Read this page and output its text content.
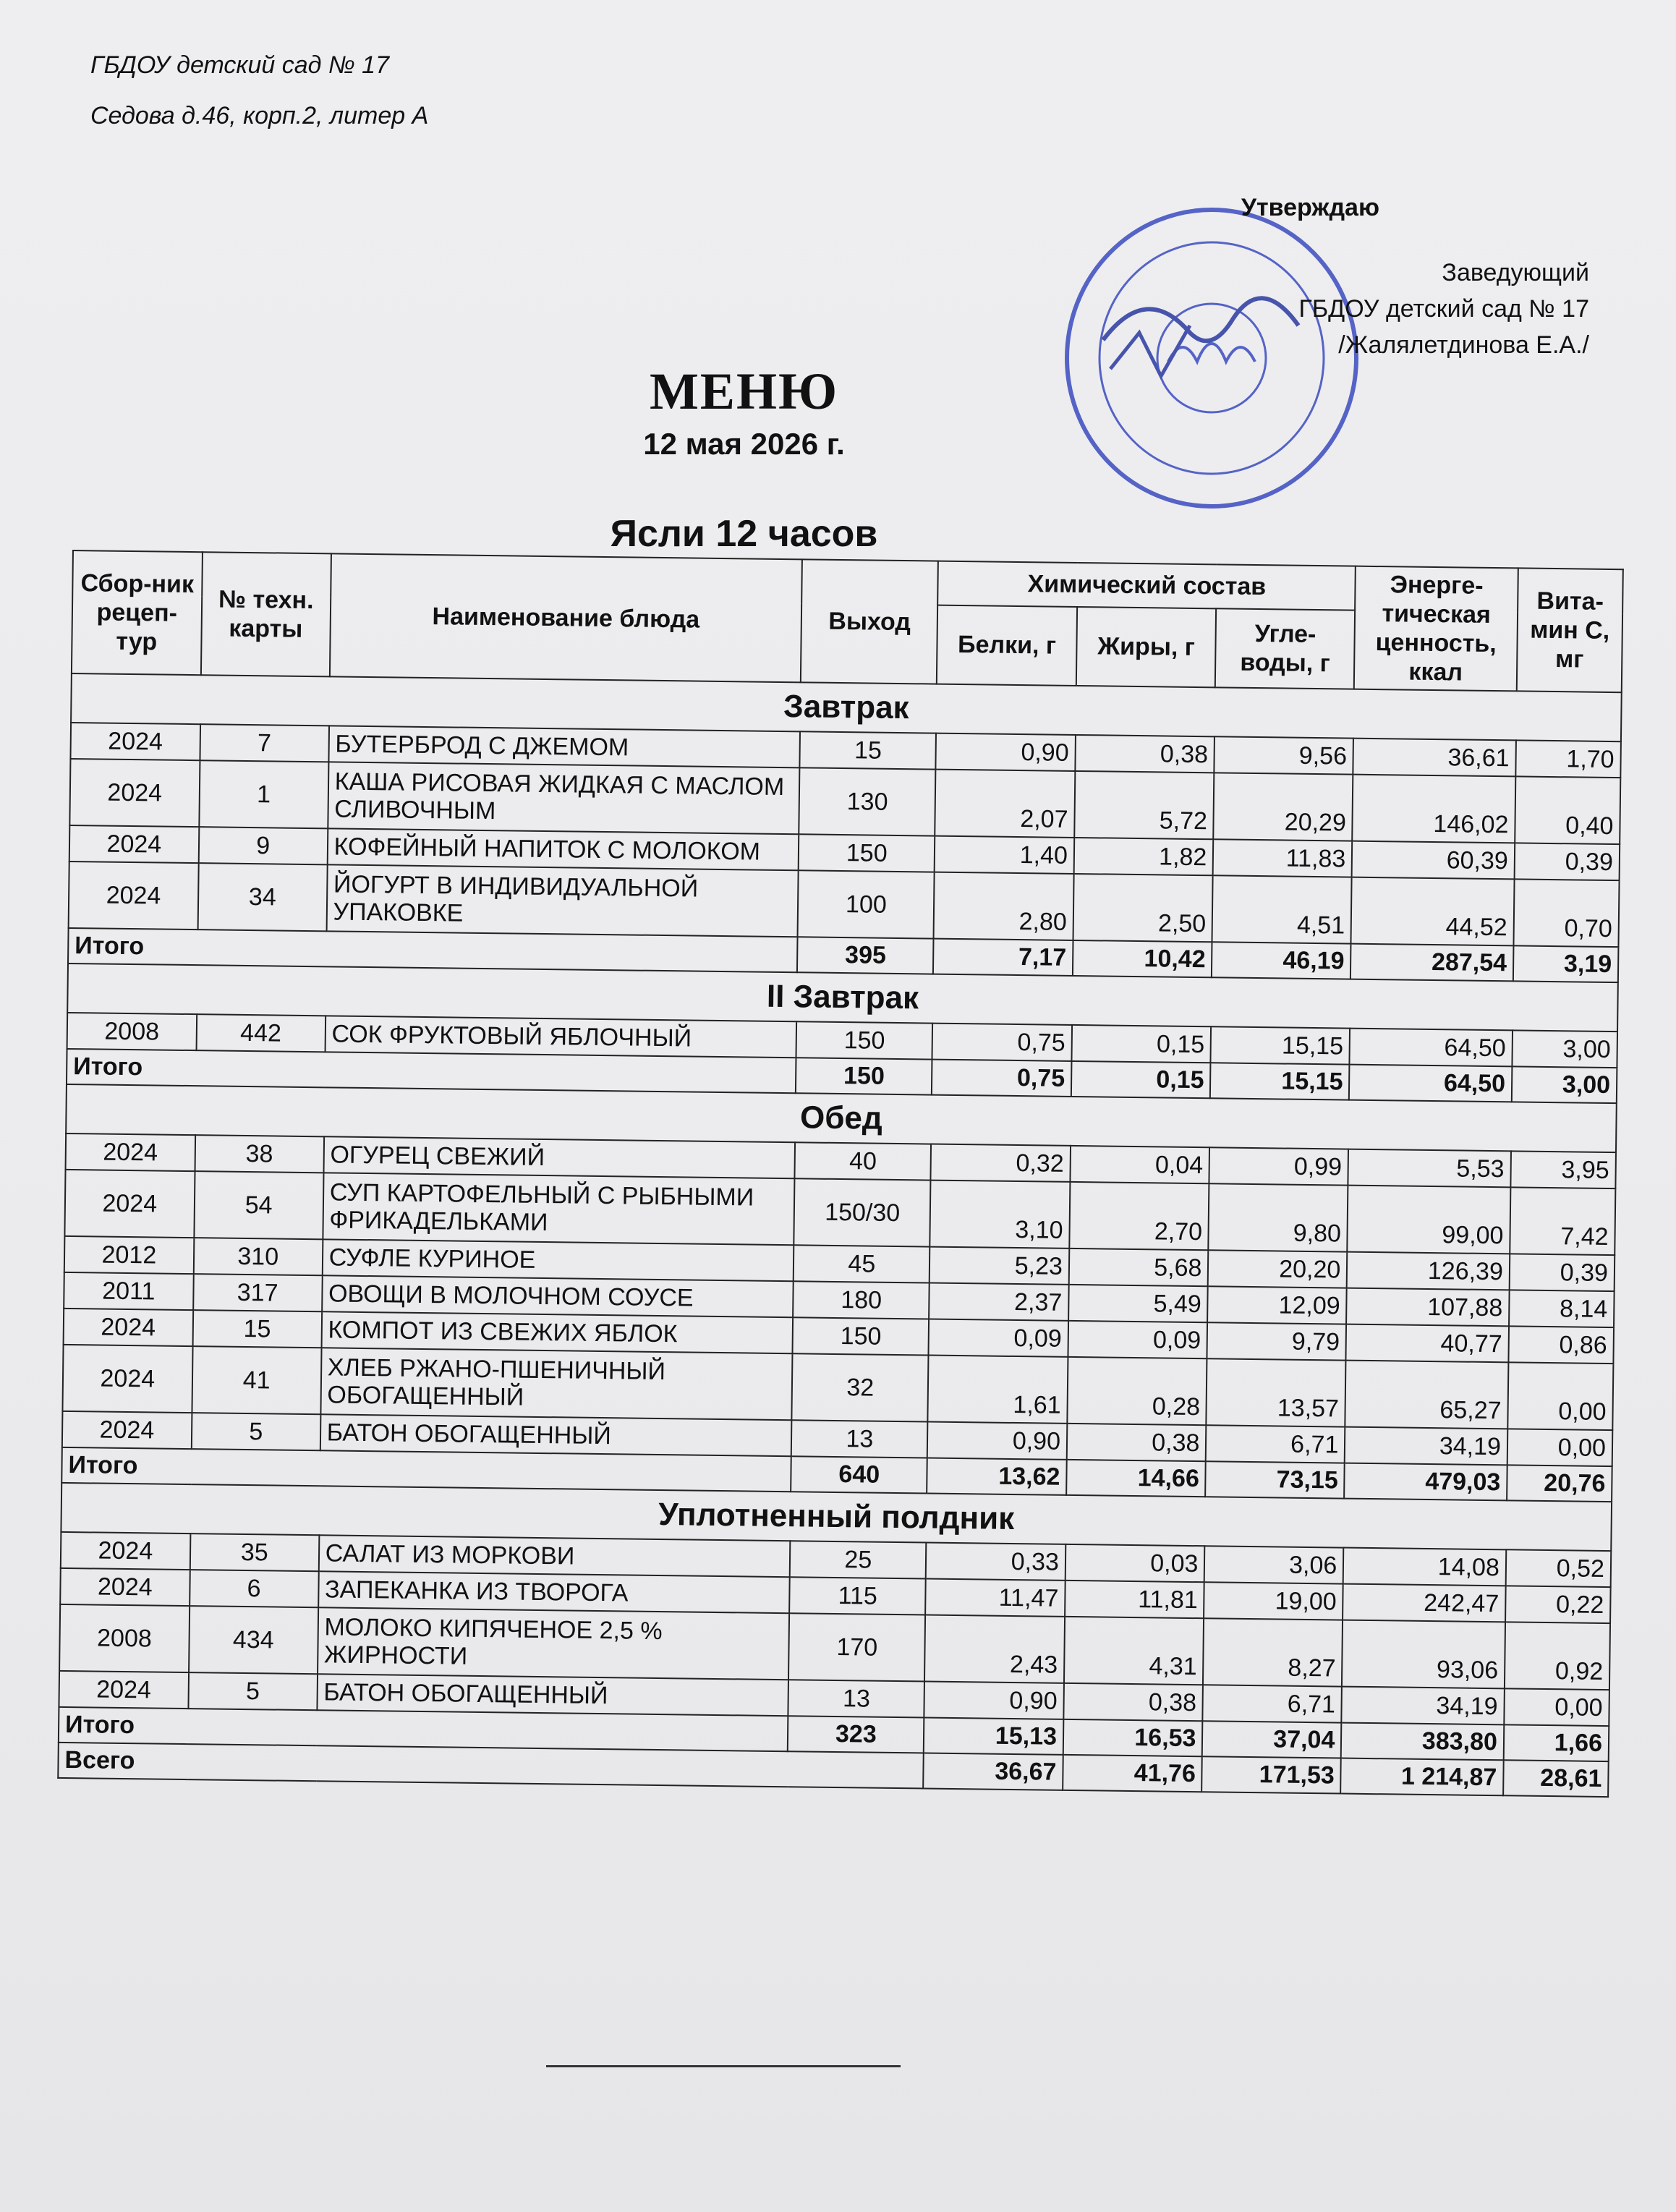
ГБДОУ детский сад № 17
Седова д.46, корп.2, литер А
Утверждаю
Заведующий
ГБДОУ детский сад № 17
/Жалялетдинова Е.А./
МЕНЮ
12 мая 2026 г.
Ясли 12 часов
Сбор-ник рецеп-тур	№ техн. карты	Наименование блюда	Выход	Химический состав			Энерге-тическая ценность, ккал	Вита-мин С, мг
				Белки, г	Жиры, г	Угле-воды, г		
Завтрак								
2024	7	БУТЕРБРОД С ДЖЕМОМ	15	0,90	0,38	9,56	36,61	1,70
2024	1	КАША РИСОВАЯ ЖИДКАЯ С МАСЛОМ СЛИВОЧНЫМ	130	2,07	5,72	20,29	146,02	0,40
2024	9	КОФЕЙНЫЙ НАПИТОК С МОЛОКОМ	150	1,40	1,82	11,83	60,39	0,39
2024	34	ЙОГУРТ В ИНДИВИДУАЛЬНОЙ УПАКОВКЕ	100	2,80	2,50	4,51	44,52	0,70
Итого			395	7,17	10,42	46,19	287,54	3,19
II Завтрак								
2008	442	СОК ФРУКТОВЫЙ ЯБЛОЧНЫЙ	150	0,75	0,15	15,15	64,50	3,00
Итого			150	0,75	0,15	15,15	64,50	3,00
Обед								
2024	38	ОГУРЕЦ СВЕЖИЙ	40	0,32	0,04	0,99	5,53	3,95
2024	54	СУП КАРТОФЕЛЬНЫЙ С РЫБНЫМИ ФРИКАДЕЛЬКАМИ	150/30	3,10	2,70	9,80	99,00	7,42
2012	310	СУФЛЕ КУРИНОЕ	45	5,23	5,68	20,20	126,39	0,39
2011	317	ОВОЩИ В МОЛОЧНОМ СОУСЕ	180	2,37	5,49	12,09	107,88	8,14
2024	15	КОМПОТ ИЗ СВЕЖИХ ЯБЛОК	150	0,09	0,09	9,79	40,77	0,86
2024	41	ХЛЕБ РЖАНО-ПШЕНИЧНЫЙ ОБОГАЩЕННЫЙ	32	1,61	0,28	13,57	65,27	0,00
2024	5	БАТОН ОБОГАЩЕННЫЙ	13	0,90	0,38	6,71	34,19	0,00
Итого			640	13,62	14,66	73,15	479,03	20,76
Уплотненный полдник								
2024	35	САЛАТ ИЗ МОРКОВИ	25	0,33	0,03	3,06	14,08	0,52
2024	6	ЗАПЕКАНКА ИЗ ТВОРОГА	115	11,47	11,81	19,00	242,47	0,22
2008	434	МОЛОКО КИПЯЧЕНОЕ 2,5 % ЖИРНОСТИ	170	2,43	4,31	8,27	93,06	0,92
2024	5	БАТОН ОБОГАЩЕННЫЙ	13	0,90	0,38	6,71	34,19	0,00
Итого			323	15,13	16,53	37,04	383,80	1,66
Всего				36,67	41,76	171,53	1 214,87	28,61
